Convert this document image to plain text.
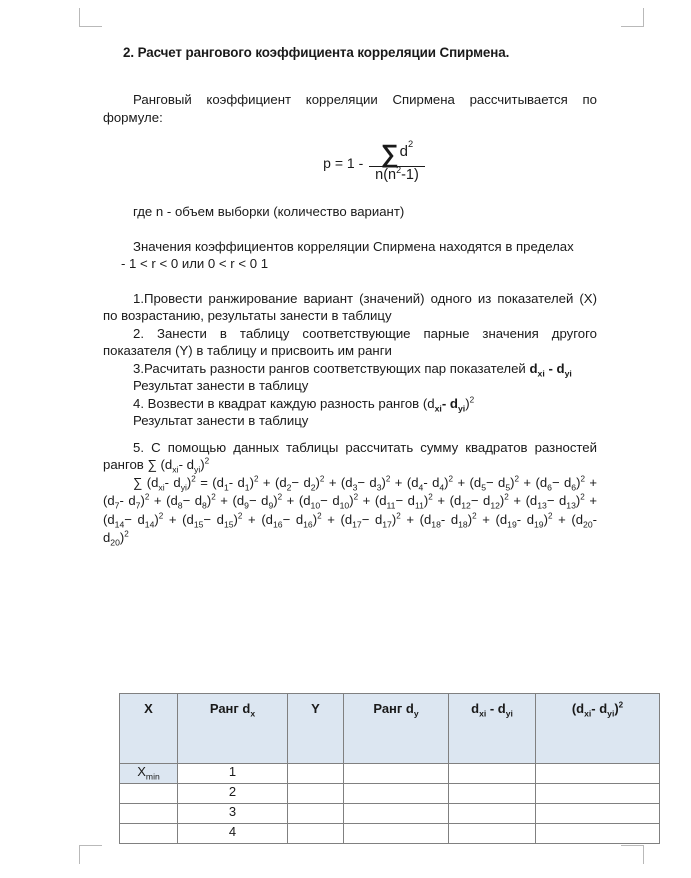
2. Расчет рангового коэффициента корреляции Спирмена.

Ранговый коэффициент корреляции Спирмена рассчитывается по формуле:

$p = 1 - \frac{\sum d 2}{n(n^2-1)}$

где n - объем выборки (количество вариант)

Значения коэффициентов корреляции Спирмена находятся в пределах

- 1 < r < 0 или 0 < r < 0 1

1.Провести ранжирование вариант (значений) одного из показателей (X) по возрастанию, результаты занести в таблицу

2. Занести в таблицу соответствующие парные значения другого показателя (Y) в таблицу и присвоить им ранги

3.Расчитать разности рангов соответствующих пар показателей $d_{xi} - d_{yi}$

Результат занести в таблицу

4. Возвести в квадрат каждую разность рангов ($d_{xi}-$ $d_{yi})^2$

Результат занести в таблицу

5. С помощью данных таблицы рассчитать сумму квадратов разностей рангов ∑ ($d_{xi}-$ $d_{yi})^2$

∑ ($d_{xi}-$ $d_{yi})^2 = (d_1-$ $d_1)^2 + (d_2- d_2)^2 + (d_3- d_3)^2 + (d_4-$ $d_4)^2 + (d_5- d_5)^2 + (d_6- d_6)^2 + (d_7-$ $d_7)^2 + (d_8- d_8)^2 + (d_9- d_9)^2 + (d_{10}- d_{10})^2 + (d_{11}- d_{11})^2 + (d_{12}- d_{12})^2 + (d_{13}- d_{13})^2 + (d_{14}- d_{14})^2 + (d_{15}- d_{15})^2 + (d_{16}- d_{16})^2 + (d_{17}- d_{17})^2 + (d_{18}-$ $d_{18})^2 + (d_{19}-$ $d_{19})^2 + (d_{20}-$ $d_{20})^2$

X	Ранг $d_x$	Y	Ранг $d_y$	$d_{xi} - d_{yi}$	($d_{xi}-$ $d_{yi})^2$
$X_{min}$	1				
	2				
	3				
	4				
